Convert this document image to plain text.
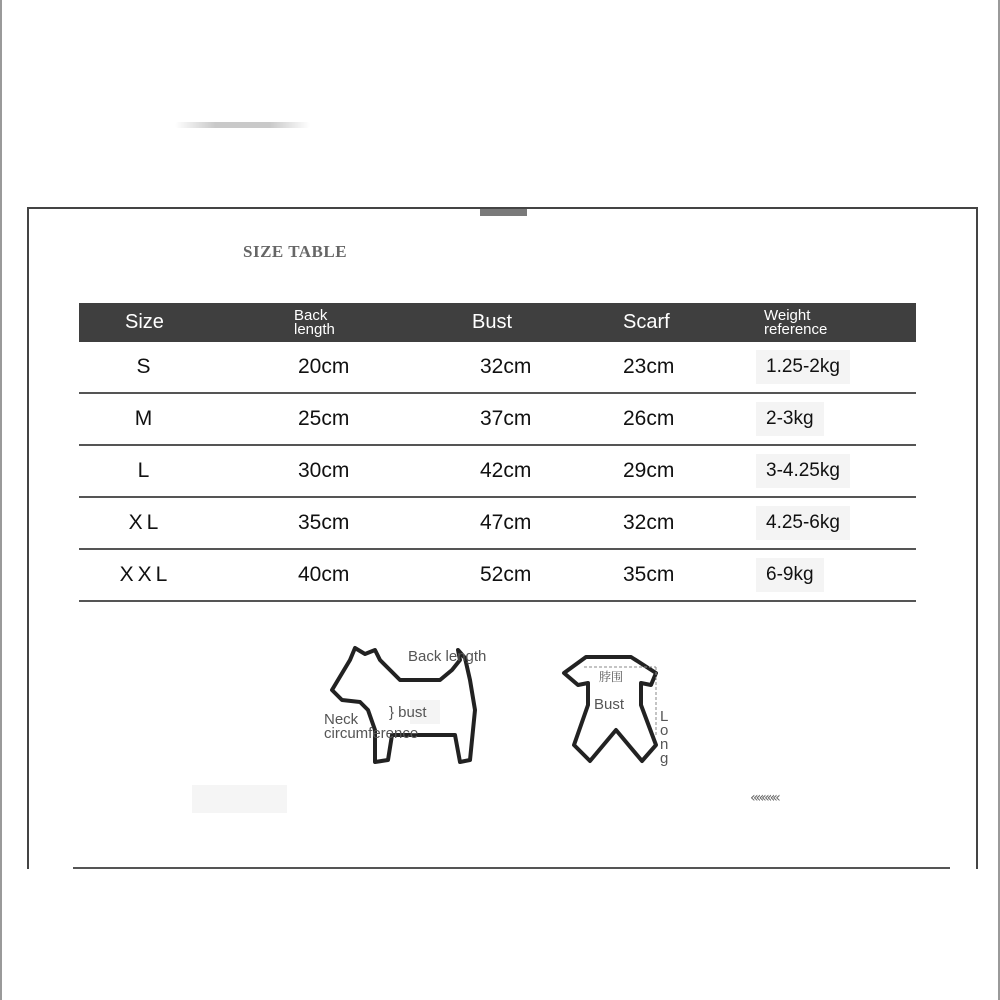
SIZE TABLE
Size	Back length	Bust	Scarf	Weight reference
S	20cm	32cm	23cm	1.25-2kg
M	25cm	37cm	26cm	2-3kg
L	30cm	42cm	29cm	3-4.25kg
XL	35cm	47cm	32cm	4.25-6kg
XXL	40cm	52cm	35cm	6-9kg
Back length
} bust
Neck circumference
脖围
Bust
Long
«««««
